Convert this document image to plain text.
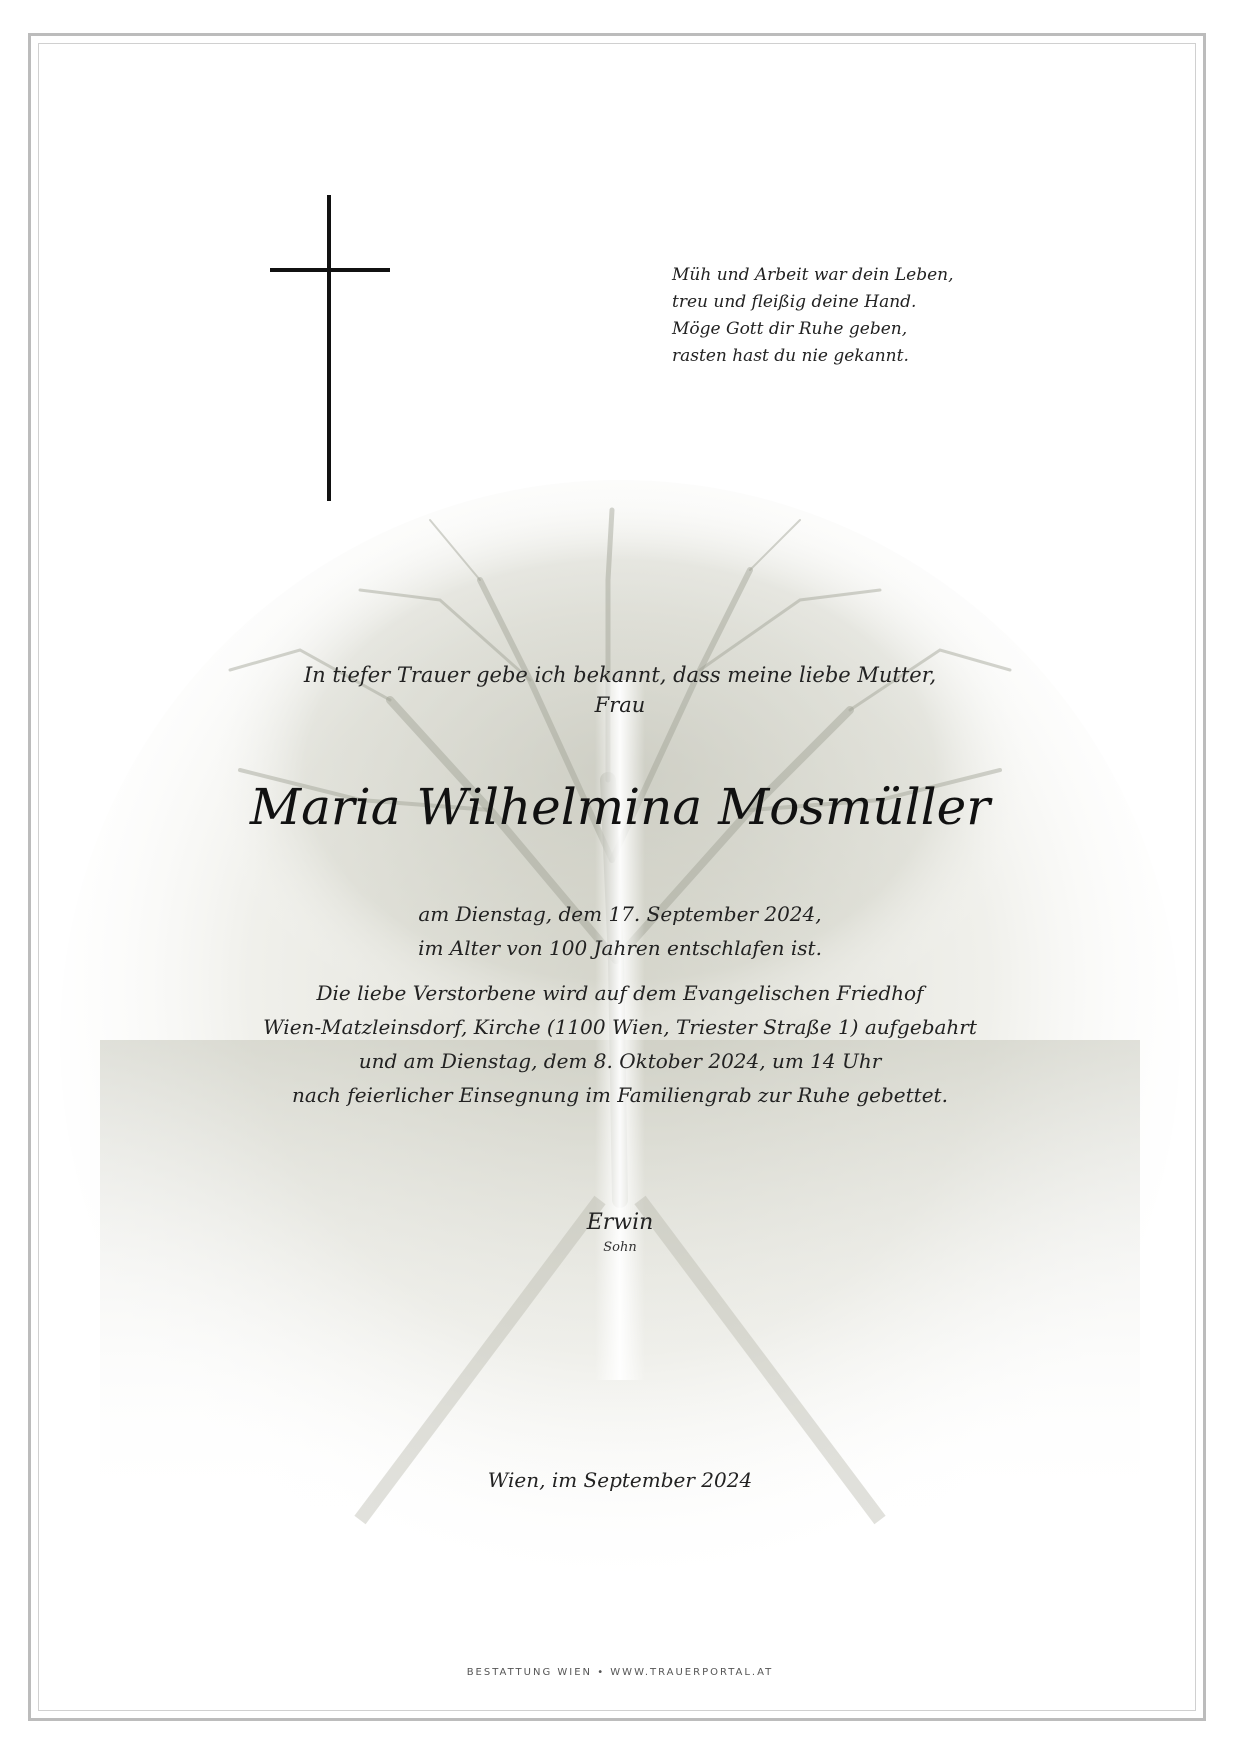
Müh und Arbeit war dein Leben,
treu und fleißig deine Hand.
Möge Gott dir Ruhe geben,
rasten hast du nie gekannt.
In tiefer Trauer gebe ich bekannt, dass meine liebe Mutter,
Frau
Maria Wilhelmina Mosmüller
am Dienstag, dem 17. September 2024,
im Alter von 100 Jahren entschlafen ist.
Die liebe Verstorbene wird auf dem Evangelischen Friedhof
Wien-Matzleinsdorf, Kirche (1100 Wien, Triester Straße 1) aufgebahrt
und am Dienstag, dem 8. Oktober 2024, um 14 Uhr
nach feierlicher Einsegnung im Familiengrab zur Ruhe gebettet.
Erwin
Sohn
Wien, im September 2024
BESTATTUNG WIEN • WWW.TRAUERPORTAL.AT
